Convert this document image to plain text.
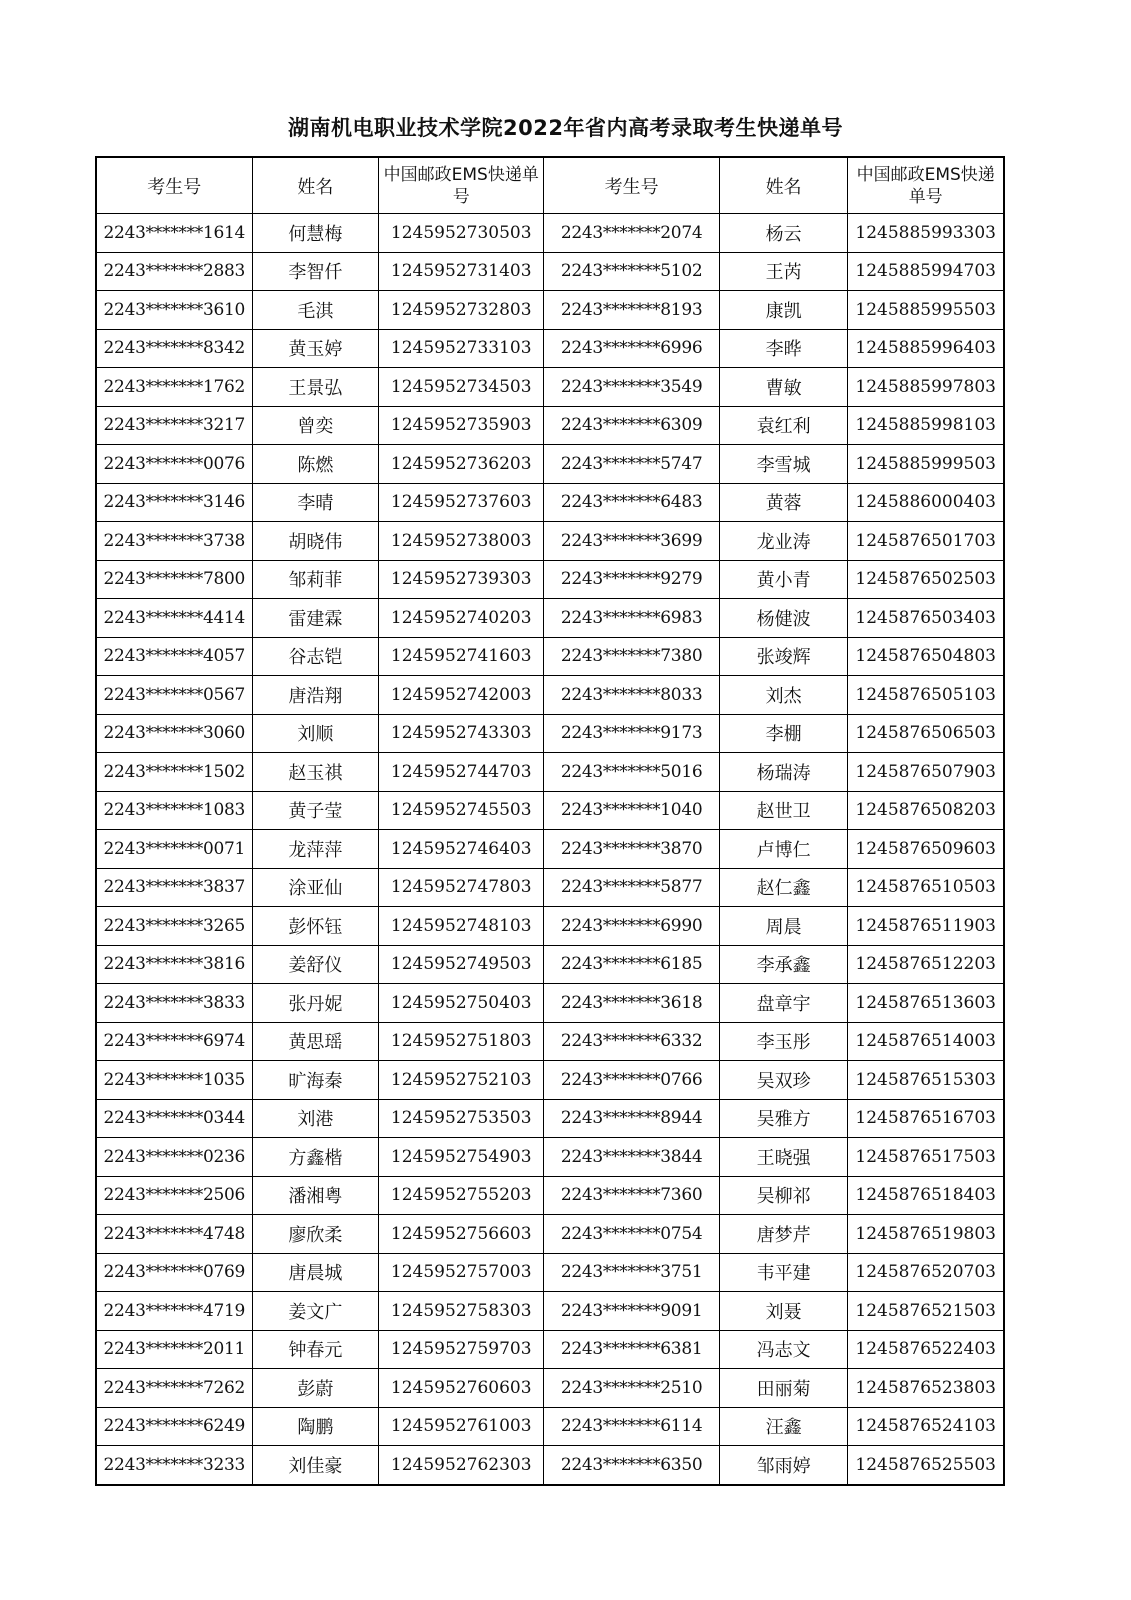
湖南机电职业技术学院2022年省内高考录取考生快递单号
考生号	姓名	中国邮政EMS快递单号	考生号	姓名	中国邮政EMS快递单号
2243*******1614	何慧梅	1245952730503	2243*******2074	杨云	1245885993303
2243*******2883	李智仟	1245952731403	2243*******5102	王芮	1245885994703
2243*******3610	毛淇	1245952732803	2243*******8193	康凯	1245885995503
2243*******8342	黄玉婷	1245952733103	2243*******6996	李晔	1245885996403
2243*******1762	王景弘	1245952734503	2243*******3549	曹敏	1245885997803
2243*******3217	曾奕	1245952735903	2243*******6309	袁红利	1245885998103
2243*******0076	陈燃	1245952736203	2243*******5747	李雪城	1245885999503
2243*******3146	李晴	1245952737603	2243*******6483	黄蓉	1245886000403
2243*******3738	胡晓伟	1245952738003	2243*******3699	龙业涛	1245876501703
2243*******7800	邹莉菲	1245952739303	2243*******9279	黄小青	1245876502503
2243*******4414	雷建霖	1245952740203	2243*******6983	杨健波	1245876503403
2243*******4057	谷志铠	1245952741603	2243*******7380	张竣辉	1245876504803
2243*******0567	唐浩翔	1245952742003	2243*******8033	刘杰	1245876505103
2243*******3060	刘顺	1245952743303	2243*******9173	李棚	1245876506503
2243*******1502	赵玉祺	1245952744703	2243*******5016	杨瑞涛	1245876507903
2243*******1083	黄子莹	1245952745503	2243*******1040	赵世卫	1245876508203
2243*******0071	龙萍萍	1245952746403	2243*******3870	卢博仁	1245876509603
2243*******3837	涂亚仙	1245952747803	2243*******5877	赵仁鑫	1245876510503
2243*******3265	彭怀钰	1245952748103	2243*******6990	周晨	1245876511903
2243*******3816	姜舒仪	1245952749503	2243*******6185	李承鑫	1245876512203
2243*******3833	张丹妮	1245952750403	2243*******3618	盘章宇	1245876513603
2243*******6974	黄思瑶	1245952751803	2243*******6332	李玉彤	1245876514003
2243*******1035	旷海秦	1245952752103	2243*******0766	吴双珍	1245876515303
2243*******0344	刘港	1245952753503	2243*******8944	吴雅方	1245876516703
2243*******0236	方鑫楷	1245952754903	2243*******3844	王晓强	1245876517503
2243*******2506	潘湘粤	1245952755203	2243*******7360	吴柳祁	1245876518403
2243*******4748	廖欣柔	1245952756603	2243*******0754	唐梦芹	1245876519803
2243*******0769	唐晨城	1245952757003	2243*******3751	韦平建	1245876520703
2243*******4719	姜文广	1245952758303	2243*******9091	刘聂	1245876521503
2243*******2011	钟春元	1245952759703	2243*******6381	冯志文	1245876522403
2243*******7262	彭蔚	1245952760603	2243*******2510	田丽菊	1245876523803
2243*******6249	陶鹏	1245952761003	2243*******6114	汪鑫	1245876524103
2243*******3233	刘佳豪	1245952762303	2243*******6350	邹雨婷	1245876525503
